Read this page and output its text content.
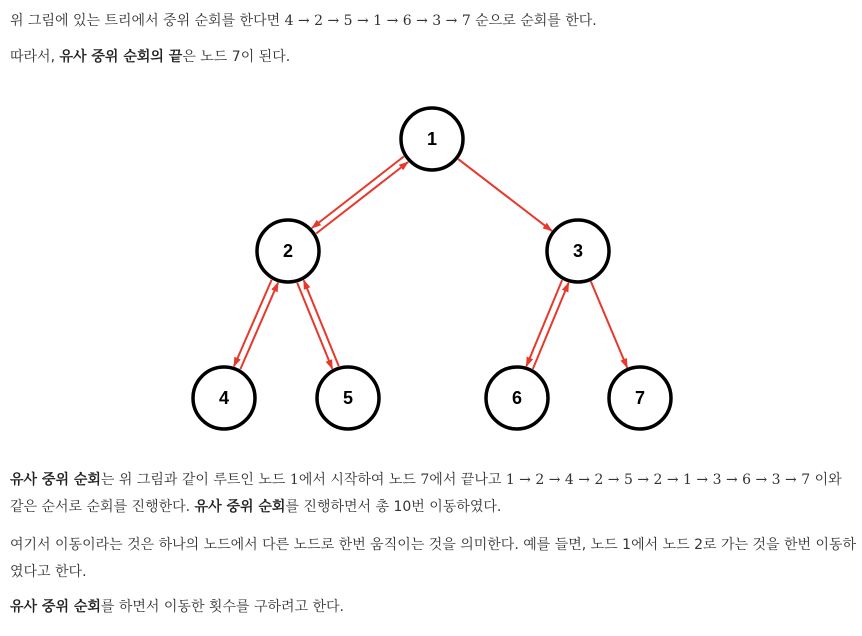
위 그림에 있는 트리에서 중위 순회를 한다면 4 → 2 → 5 → 1 → 6 → 3 → 7 순으로 순회를 한다.

따라서, 유사 중위 순회의 끝은 노드 7이 된다.

1
2	3
4	5	6	7

유사 중위 순회는 위 그림과 같이 루트인 노드 1에서 시작하여 노드 7에서 끝나고 1 → 2 → 4 → 2 → 5 → 2 → 1 → 3 → 6 → 3 → 7 이와 같은 순서로 순회를 진행한다. 유사 중위 순회를 진행하면서 총 10번 이동하였다.

여기서 이동이라는 것은 하나의 노드에서 다른 노드로 한번 움직이는 것을 의미한다. 예를 들면, 노드 1에서 노드 2로 가는 것을 한번 이동하였다고 한다.

유사 중위 순회를 하면서 이동한 횟수를 구하려고 한다.
